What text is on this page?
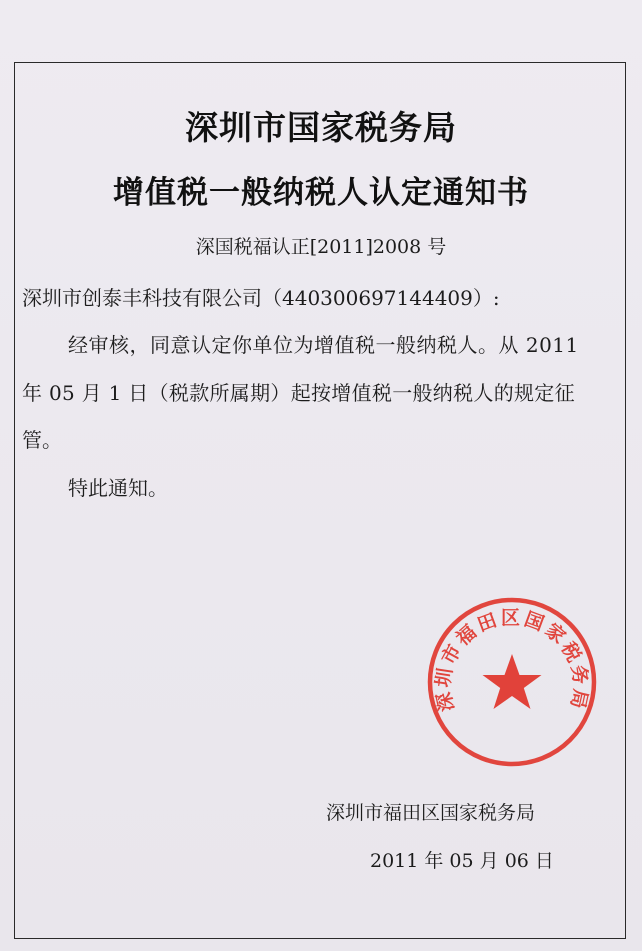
深圳市国家税务局
增值税一般纳税人认定通知书
深国税福认正[2011]2008 号
深圳市创泰丰科技有限公司（440300697144409）:
经审核，同意认定你单位为增值税一般纳税人。从 2011
年 05 月 1 日（税款所属期）起按增值税一般纳税人的规定征
管。
特此通知。
深圳市福田区国家税务局
深圳市福田区国家税务局
2011 年 05 月 06 日
